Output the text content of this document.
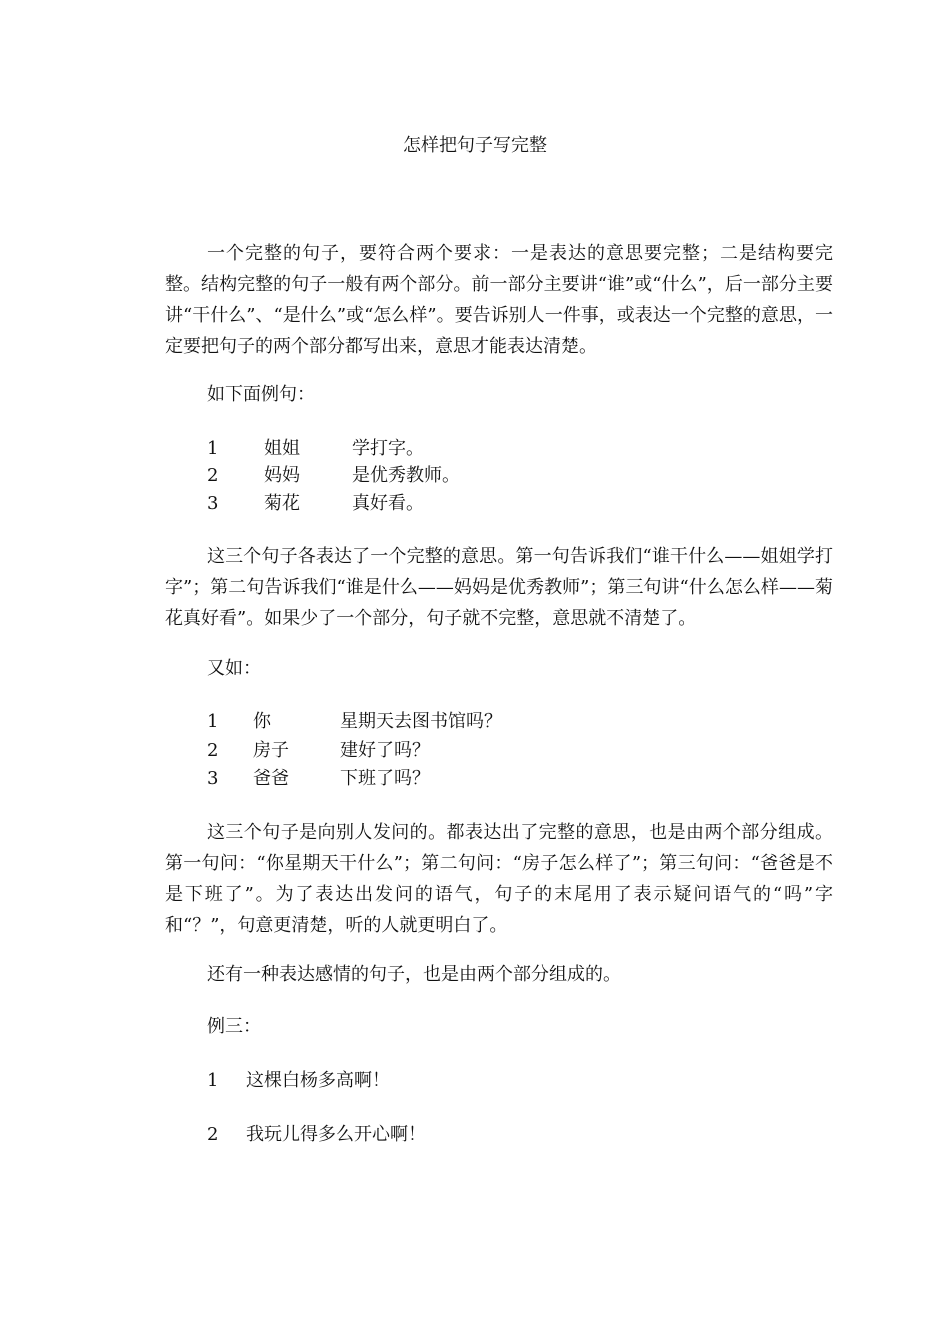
怎样把句子写完整

一个完整的句子，要符合两个要求：一是表达的意思要完整；二是结构要完整。结构完整的句子一般有两个部分。前一部分主要讲“谁”或“什么”，后一部分主要讲“干什么”、“是什么”或“怎么样”。要告诉别人一件事，或表达一个完整的意思，一定要把句子的两个部分都写出来，意思才能表达清楚。

如下面例句：
1	姐姐	学打字。
2	妈妈	是优秀教师。
3	菊花	真好看。

这三个句子各表达了一个完整的意思。第一句告诉我们“谁干什么——姐姐学打字”；第二句告诉我们“谁是什么——妈妈是优秀教师”；第三句讲“什么怎么样——菊花真好看”。如果少了一个部分，句子就不完整，意思就不清楚了。

又如：
1 你	星期天去图书馆吗？
2 房子	建好了吗？
3 爸爸	下班了吗？

这三个句子是向别人发问的。都表达出了完整的意思，也是由两个部分组成。第一句问：“你星期天干什么”；第二句问：“房子怎么样了”；第三句问：“爸爸是不是下班了”。为了表达出发问的语气，句子的末尾用了表示疑问语气的“吗”字和“？”，句意更清楚，听的人就更明白了。

还有一种表达感情的句子，也是由两个部分组成的。
例三：
1 这棵白杨多高啊！
2 我玩儿得多么开心啊！
